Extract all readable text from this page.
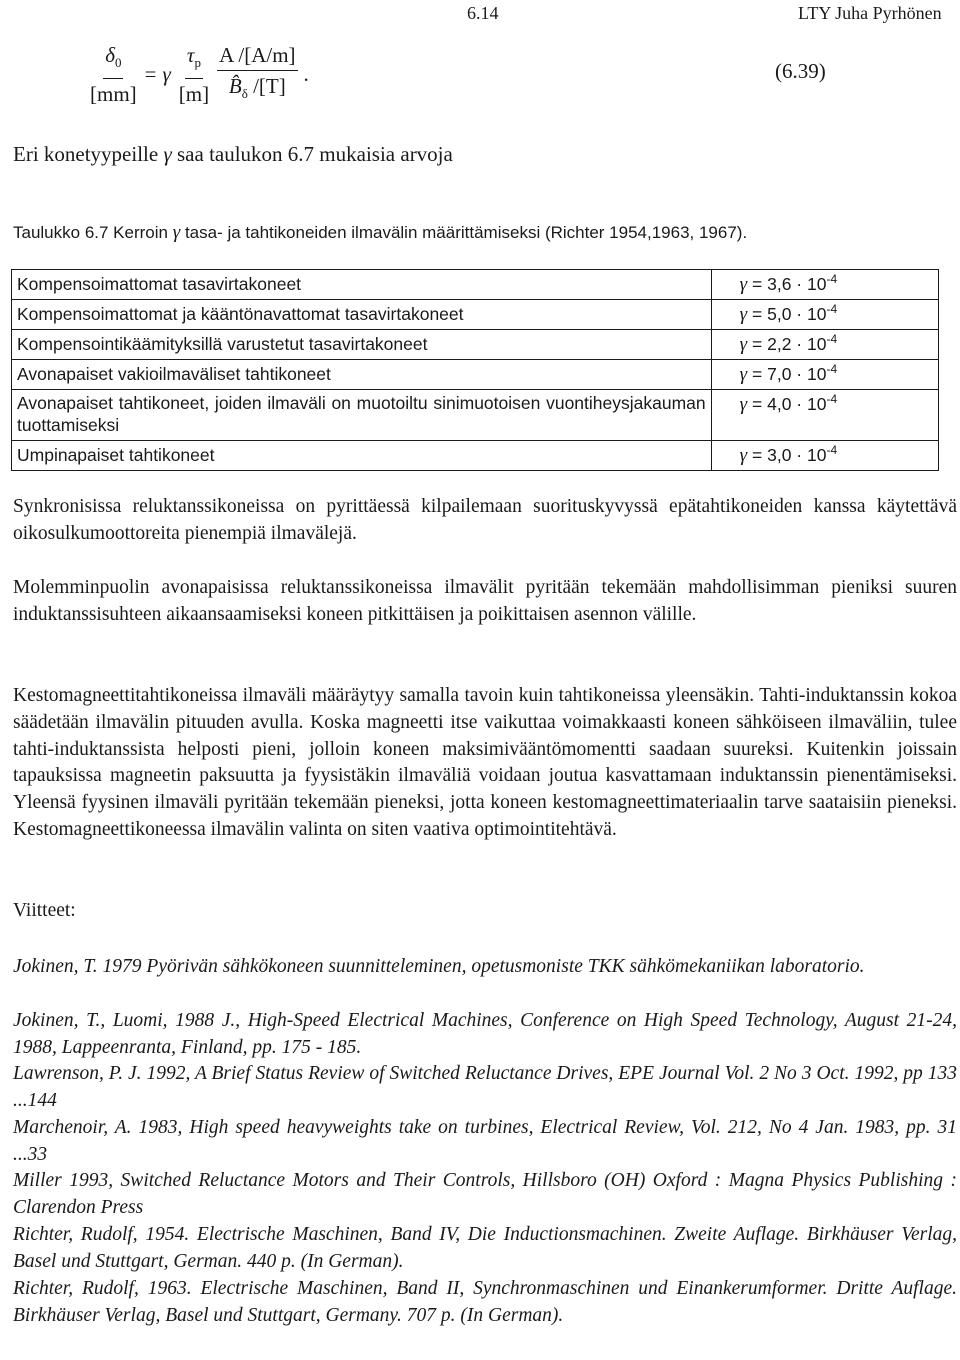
6.14	LTY Juha Pyrhönen
$\frac{\delta_0}{[mm]} = \gamma \frac{\tau_p}{[m]} \frac{A /[A/m]}{B̂_\delta /[T]}$ .	(6.39)
Eri konetyypeille γ saa taulukon 6.7 mukaisia arvoja
Taulukko 6.7 Kerroin γ tasa- ja tahtikoneiden ilmavälin määrittämiseksi (Richter 1954,1963, 1967).
Kompensoimattomat tasavirtakoneet	$\gamma = 3,6 \cdot 10^{-4}$
Kompensoimattomat ja kääntönavattomat tasavirtakoneet	$\gamma = 5,0 \cdot 10^{-4}$
Kompensointikäämityksillä varustetut tasavirtakoneet	$\gamma = 2,2 \cdot 10^{-4}$
Avonapaiset vakioilmaväliset tahtikoneet	$\gamma = 7,0 \cdot 10^{-4}$
Avonapaiset tahtikoneet, joiden ilmaväli on muotoiltu sinimuotoisen vuontiheysjakauman tuottamiseksi	$\gamma = 4,0 \cdot 10^{-4}$
Umpinapaiset tahtikoneet	$\gamma = 3,0 \cdot 10^{-4}$

Synkronisissa reluktanssikoneissa on pyrittäessä kilpailemaan suorituskyvyssä epätahtikoneiden kanssa käytettävä oikosulkumoottoreita pienempiä ilmavälejä.

Molemminpuolin avonapaisissa reluktanssikoneissa ilmavälit pyritään tekemään mahdollisimman pieniksi suuren induktanssisuhteen aikaansaamiseksi koneen pitkittäisen ja poikittaisen asennon välille.

Kestomagneettitahtikoneissa ilmaväli määräytyy samalla tavoin kuin tahtikoneissa yleensäkin. Tahti-induktanssin kokoa säädetään ilmavälin pituuden avulla. Koska magneetti itse vaikuttaa voimakkaasti koneen sähköiseen ilmaväliin, tulee tahti-induktanssista helposti pieni, jolloin koneen maksimivääntömomentti saadaan suureksi. Kuitenkin joissain tapauksissa magneetin paksuutta ja fyysistäkin ilmaväliä voidaan joutua kasvattamaan induktanssin pienentämiseksi. Yleensä fyysinen ilmaväli pyritään tekemään pieneksi, jotta koneen kestomagneettimateriaalin tarve saataisiin pieneksi. Kestomagneettikoneessa ilmavälin valinta on siten vaativa optimointitehtävä.

Viitteet:

Jokinen, T. 1979 Pyörivän sähkökoneen suunnitteleminen, opetusmoniste TKK sähkömekaniikan laboratorio.

Jokinen, T., Luomi, 1988 J., High-Speed Electrical Machines, Conference on High Speed Technology, August 21-24, 1988, Lappeenranta, Finland, pp. 175 - 185.

Lawrenson, P. J. 1992, A Brief Status Review of Switched Reluctance Drives, EPE Journal Vol. 2 No 3 Oct. 1992, pp 133 ...144

Marchenoir, A. 1983, High speed heavyweights take on turbines, Electrical Review, Vol. 212, No 4 Jan. 1983, pp. 31 ...33

Miller 1993, Switched Reluctance Motors and Their Controls, Hillsboro (OH) Oxford : Magna Physics Publishing : Clarendon Press

Richter, Rudolf, 1954. Electrische Maschinen, Band IV, Die Inductionsmachinen. Zweite Auflage. Birkhäuser Verlag, Basel und Stuttgart, German. 440 p. (In German).

Richter, Rudolf, 1963. Electrische Maschinen, Band II, Synchronmaschinen und Einankerumformer. Dritte Auflage. Birkhäuser Verlag, Basel und Stuttgart, Germany. 707 p. (In German).
